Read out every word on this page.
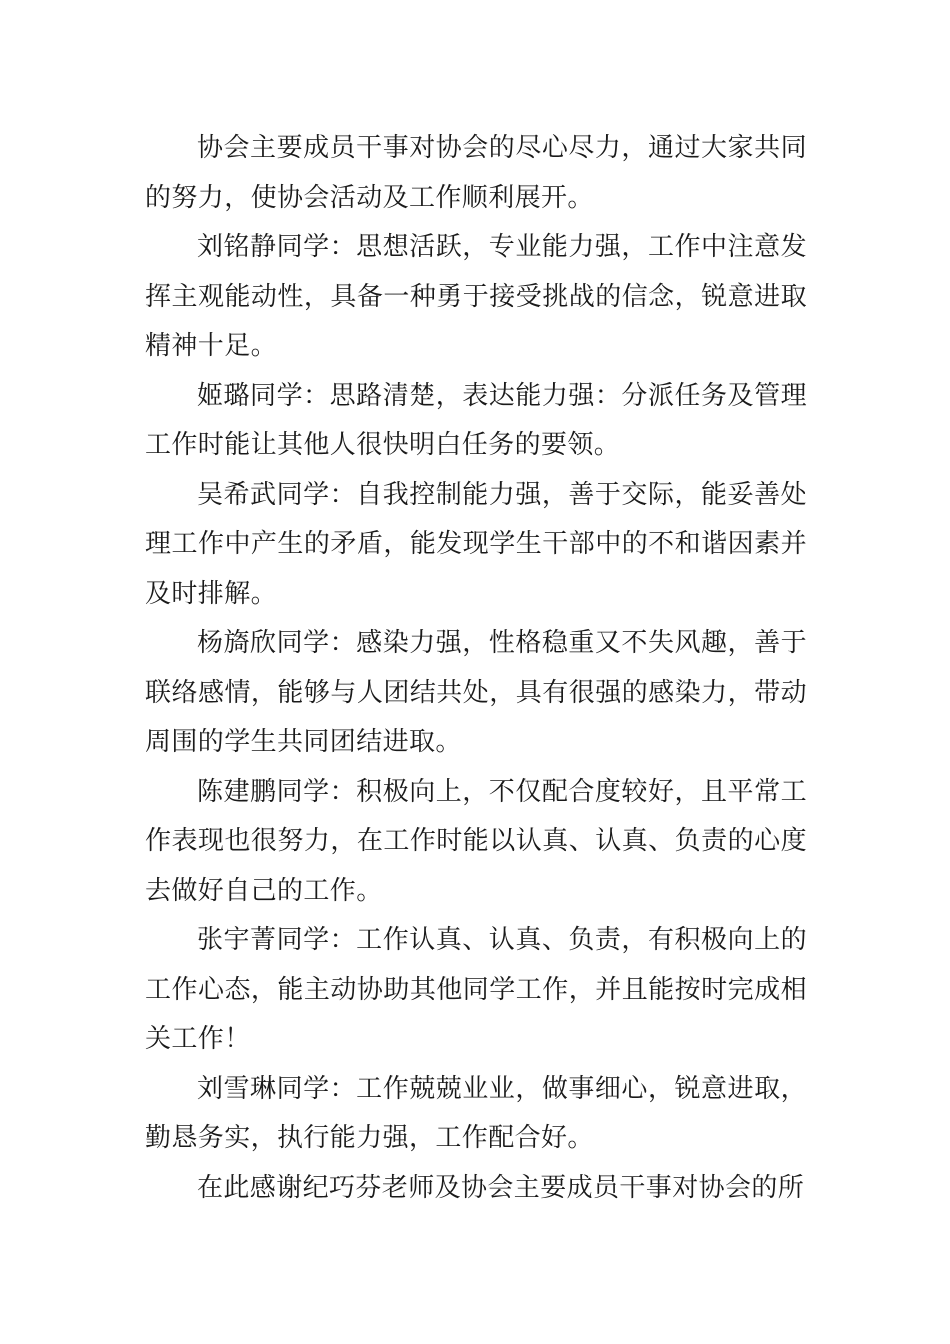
协会主要成员干事对协会的尽心尽力，通过大家共同的努力，使协会活动及工作顺利展开。

刘铭静同学：思想活跃，专业能力强，工作中注意发挥主观能动性，具备一种勇于接受挑战的信念，锐意进取精神十足。

姬璐同学：思路清楚，表达能力强：分派任务及管理工作时能让其他人很快明白任务的要领。

吴希武同学：自我控制能力强，善于交际，能妥善处理工作中产生的矛盾，能发现学生干部中的不和谐因素并及时排解。

杨旖欣同学：感染力强，性格稳重又不失风趣，善于联络感情，能够与人团结共处，具有很强的感染力，带动周围的学生共同团结进取。

陈建鹏同学：积极向上，不仅配合度较好，且平常工作表现也很努力，在工作时能以认真、认真、负责的心度去做好自己的工作。

张宇菁同学：工作认真、认真、负责，有积极向上的工作心态，能主动协助其他同学工作，并且能按时完成相关工作！

刘雪琳同学：工作兢兢业业，做事细心，锐意进取，勤恳务实，执行能力强，工作配合好。

在此感谢纪巧芬老师及协会主要成员干事对协会的所
